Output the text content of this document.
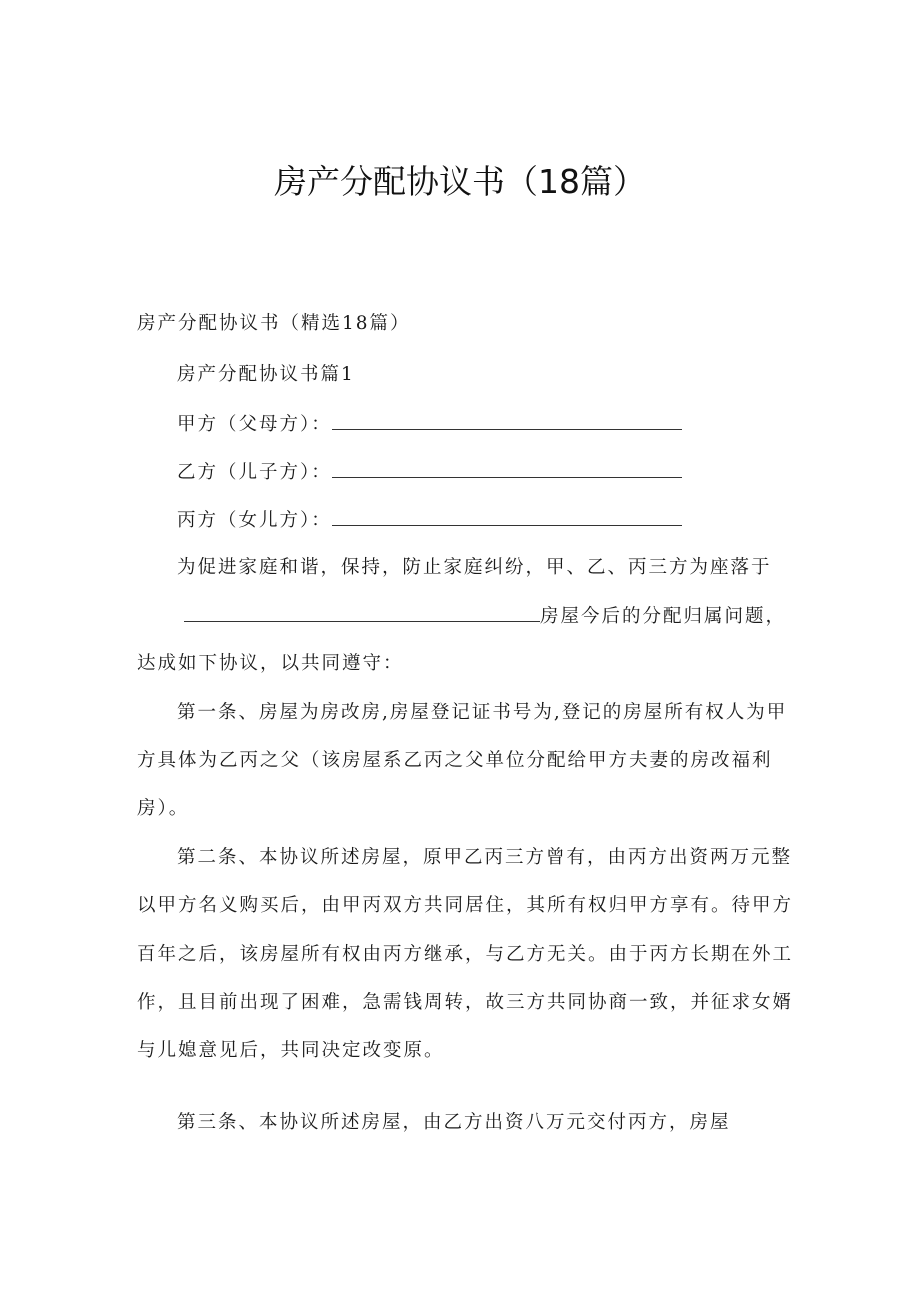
房产分配协议书（18篇）
房产分配协议书（精选18篇）
房产分配协议书篇1
甲方（父母方）：
乙方（儿子方）：
丙方（女儿方）：
为促进家庭和谐，保持，防止家庭纠纷，甲、乙、丙三方为座落于
房屋今后的分配归属问题，
达成如下协议，以共同遵守：
第一条、房屋为房改房,房屋登记证书号为,登记的房屋所有权人为甲
方具体为乙丙之父（该房屋系乙丙之父单位分配给甲方夫妻的房改福利
房）。
第二条、本协议所述房屋，原甲乙丙三方曾有，由丙方出资两万元整
以甲方名义购买后，由甲丙双方共同居住，其所有权归甲方享有。待甲方
百年之后，该房屋所有权由丙方继承，与乙方无关。由于丙方长期在外工
作，且目前出现了困难，急需钱周转，故三方共同协商一致，并征求女婿
与儿媳意见后，共同决定改变原。
第三条、本协议所述房屋，由乙方出资八万元交付丙方，房屋
